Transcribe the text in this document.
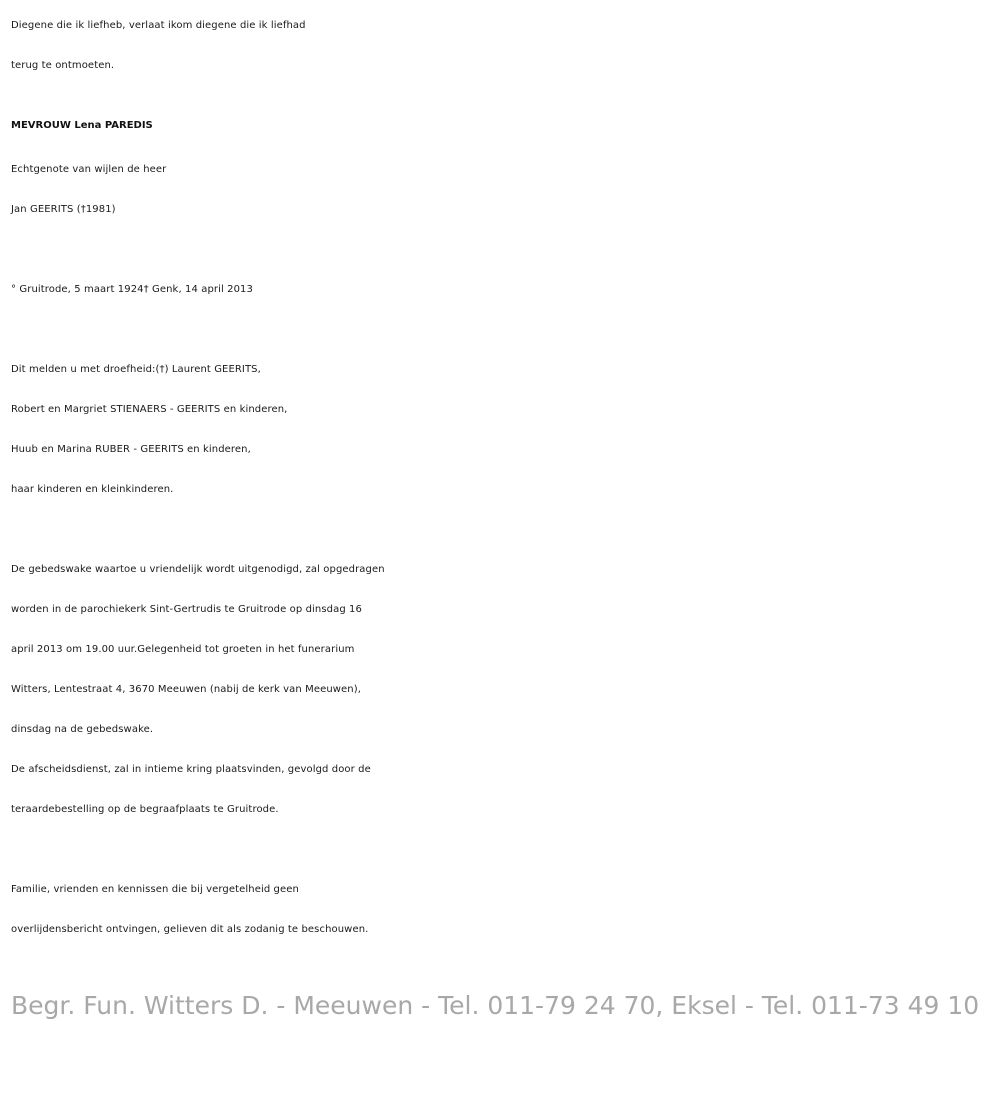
Diegene die ik liefheb, verlaat ikom diegene die ik liefhad
terug te ontmoeten.
MEVROUW Lena PAREDIS
Echtgenote van wijlen de heer
Jan GEERITS (†1981)
° Gruitrode, 5 maart 1924† Genk, 14 april 2013
Dit melden u met droefheid:(†) Laurent GEERITS,
Robert en Margriet STIENAERS - GEERITS en kinderen,
Huub en Marina RUBER - GEERITS en kinderen,
haar kinderen en kleinkinderen.
De gebedswake waartoe u vriendelijk wordt uitgenodigd, zal opgedragen
worden in de parochiekerk Sint-Gertrudis te Gruitrode op dinsdag 16
april 2013 om 19.00 uur.Gelegenheid tot groeten in het funerarium
Witters, Lentestraat 4, 3670 Meeuwen (nabij de kerk van Meeuwen),
dinsdag na de gebedswake.
De afscheidsdienst, zal in intieme kring plaatsvinden, gevolgd door de
teraardebestelling op de begraafplaats te Gruitrode.
Familie, vrienden en kennissen die bij vergetelheid geen
overlijdensbericht ontvingen, gelieven dit als zodanig te beschouwen.
Begr. Fun. Witters D. - Meeuwen - Tel. 011-79 24 70, Eksel - Tel. 011-73 49 10
